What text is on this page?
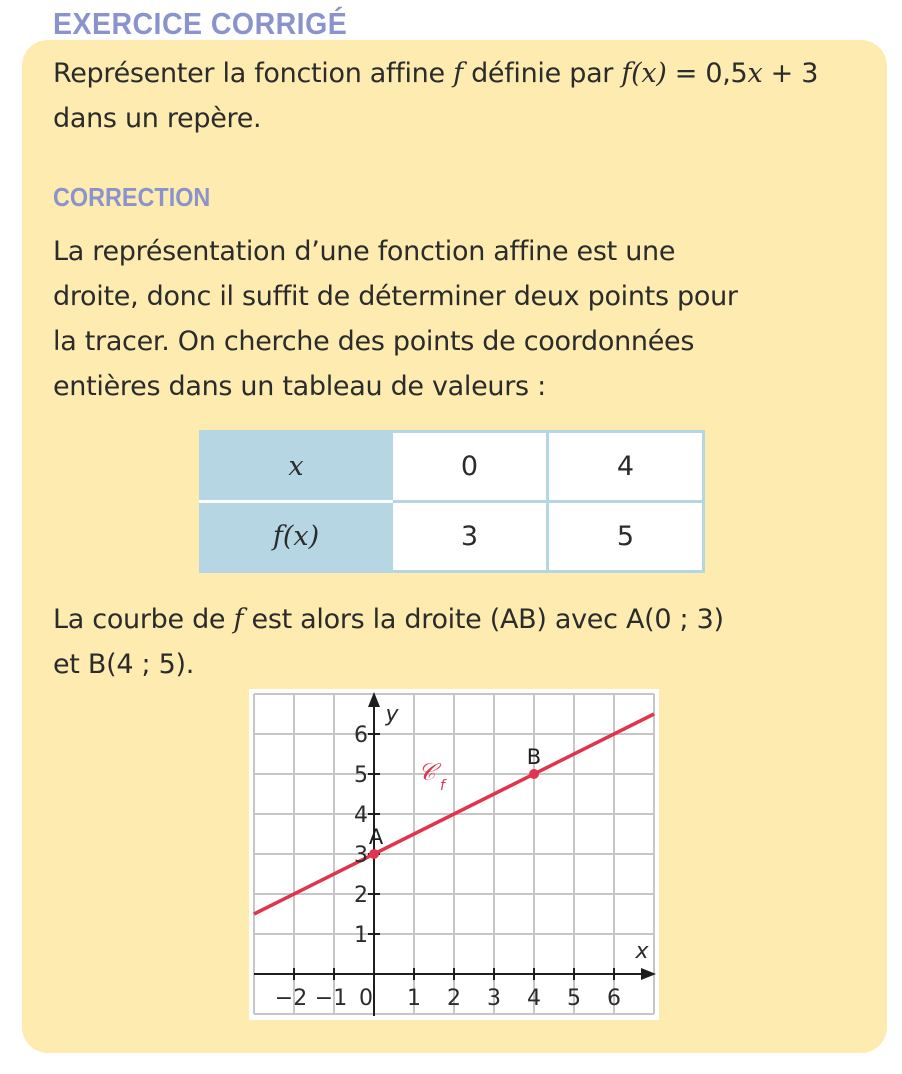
EXERCICE CORRIGÉ
Représenter la fonction affine f définie par f(x) = 0,5x + 3
dans un repère.
CORRECTION
La représentation d’une fonction affine est une
droite, donc il suffit de déterminer deux points pour
la tracer. On cherche des points de coordonnées
entières dans un tableau de valeurs :
x	0	4
f(x)	3	5
La courbe de f est alors la droite (AB) avec A(0 ; 3)
et B(4 ; 5).
−2 −1 0 1 2 3 4 5 6
1
2
3
4
5
6
x
y
𝒞 f
A
B
